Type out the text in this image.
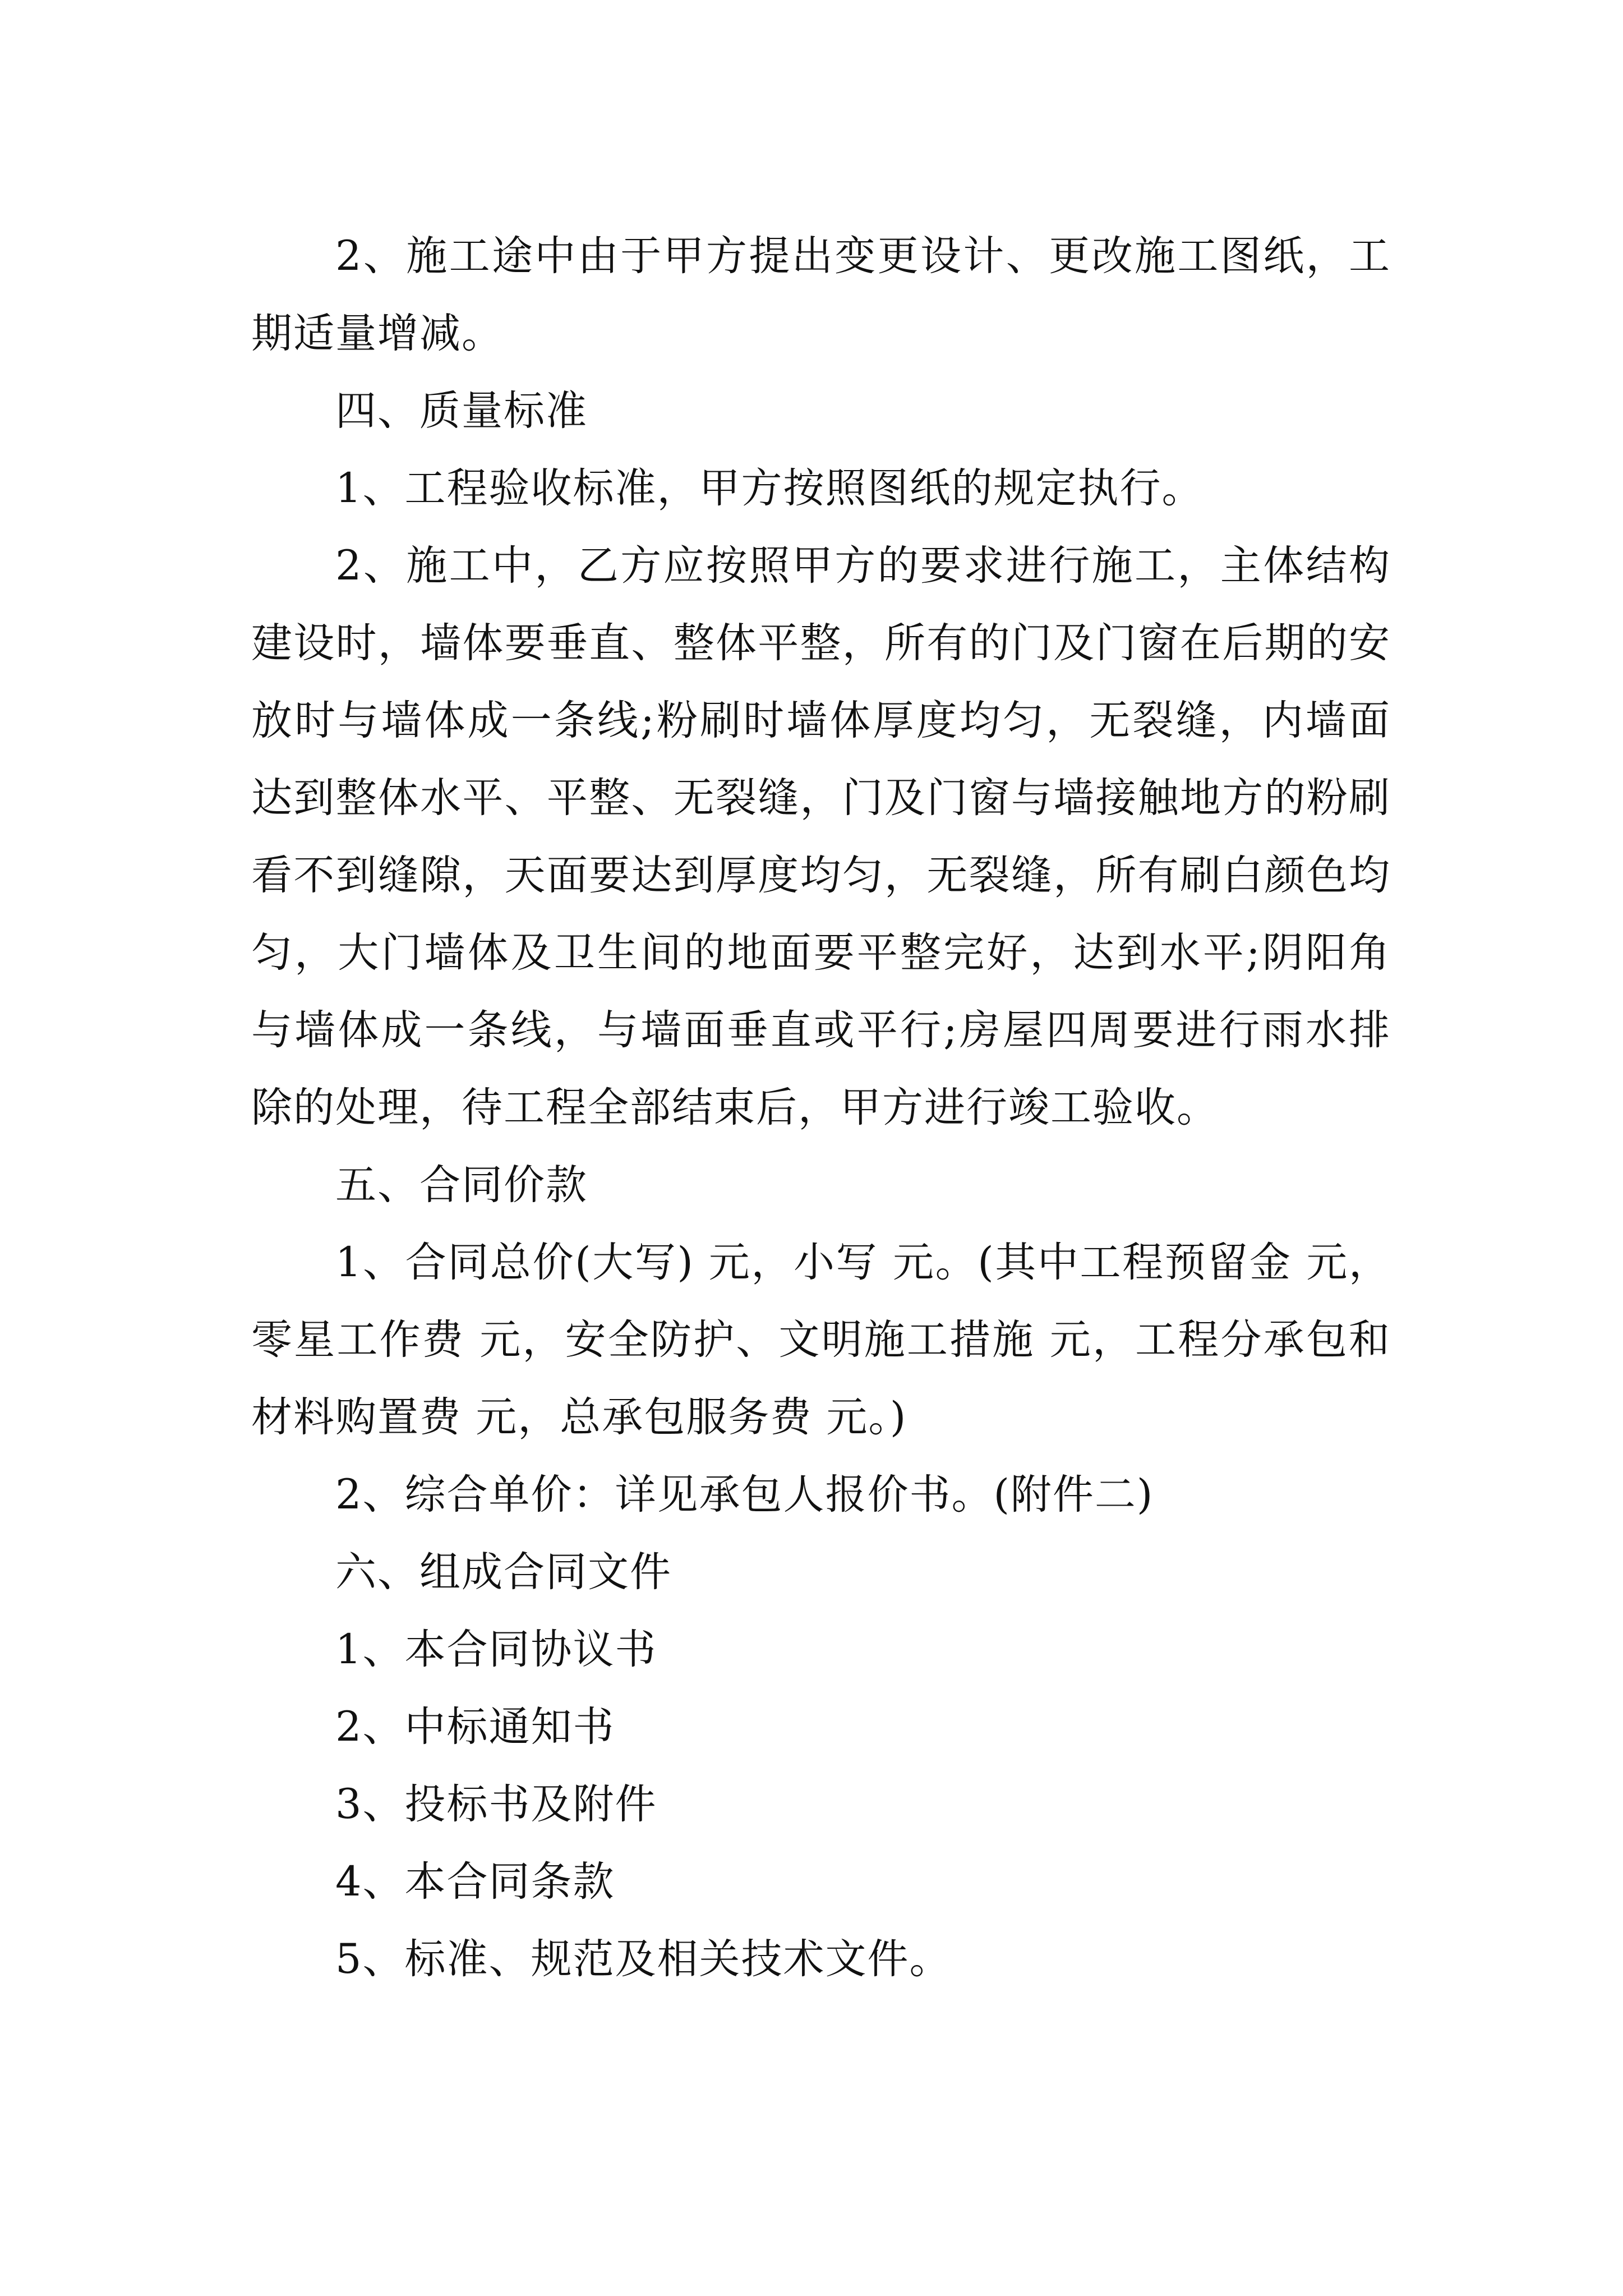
2、施工途中由于甲方提出变更设计、更改施工图纸，工期适量增减。

四、质量标准

1、工程验收标准，甲方按照图纸的规定执行。

2、施工中，乙方应按照甲方的要求进行施工，主体结构建设时，墙体要垂直、整体平整，所有的门及门窗在后期的安放时与墙体成一条线;粉刷时墙体厚度均匀，无裂缝，内墙面达到整体水平、平整、无裂缝，门及门窗与墙接触地方的粉刷看不到缝隙，天面要达到厚度均匀，无裂缝，所有刷白颜色均匀，大门墙体及卫生间的地面要平整完好，达到水平;阴阳角与墙体成一条线，与墙面垂直或平行;房屋四周要进行雨水排除的处理，待工程全部结束后，甲方进行竣工验收。

五、合同价款

1、合同总价(大写) 元，小写 元。(其中工程预留金 元，零星工作费 元，安全防护、文明施工措施 元，工程分承包和材料购置费 元，总承包服务费 元。)

2、综合单价：详见承包人报价书。(附件二)

六、组成合同文件

1、本合同协议书

2、中标通知书

3、投标书及附件

4、本合同条款

5、标准、规范及相关技术文件。
